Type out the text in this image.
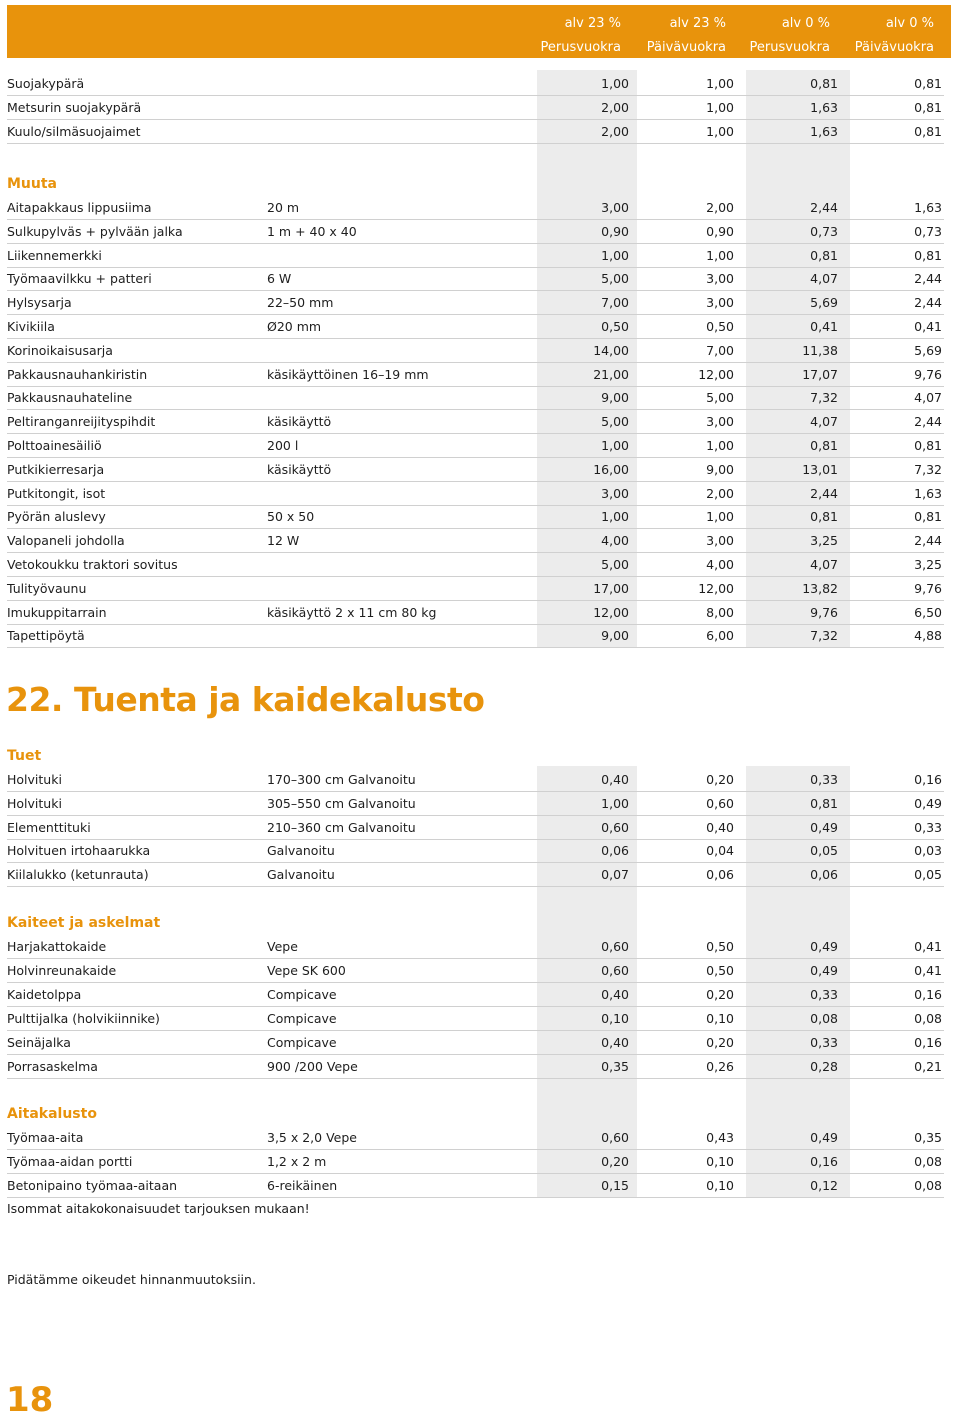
alv 23 %
Perusvuokra
alv 23 %
Päivävuokra
alv 0 %
Perusvuokra
alv 0 %
Päivävuokra
Muuta
22. Tuenta ja kaidekalusto
Tuet
Kaiteet ja askelmat
Aitakalusto
Suojakypärä	1,00	1,00	0,81	0,81
Metsurin suojakypärä	2,00	1,00	1,63	0,81
Kuulo/silmäsuojaimet	2,00	1,00	1,63	0,81
Aitapakkaus lippusiima	20 m	3,00	2,00	2,44	1,63
Sulkupylväs + pylvään jalka	1 m + 40 x 40	0,90	0,90	0,73	0,73
Liikennemerkki	1,00	1,00	0,81	0,81
Työmaavilkku + patteri	6 W	5,00	3,00	4,07	2,44
Hylsysarja	22–50 mm	7,00	3,00	5,69	2,44
Kivikiila	Ø20 mm	0,50	0,50	0,41	0,41
Korinoikaisusarja	14,00	7,00	11,38	5,69
Pakkausnauhankiristin	käsikäyttöinen 16–19 mm	21,00	12,00	17,07	9,76
Pakkausnauhateline	9,00	5,00	7,32	4,07
Peltiranganreijityspihdit	käsikäyttö	5,00	3,00	4,07	2,44
Polttoainesäiliö	200 l	1,00	1,00	0,81	0,81
Putkikierresarja	käsikäyttö	16,00	9,00	13,01	7,32
Putkitongit, isot	3,00	2,00	2,44	1,63
Pyörän aluslevy	50 x 50	1,00	1,00	0,81	0,81
Valopaneli johdolla	12 W	4,00	3,00	3,25	2,44
Vetokoukku traktori sovitus	5,00	4,00	4,07	3,25
Tulityövaunu	17,00	12,00	13,82	9,76
Imukuppitarrain	käsikäyttö 2 x 11 cm 80 kg	12,00	8,00	9,76	6,50
Tapettipöytä	9,00	6,00	7,32	4,88
Holvituki	170–300 cm Galvanoitu	0,40	0,20	0,33	0,16
Holvituki	305–550 cm Galvanoitu	1,00	0,60	0,81	0,49
Elementtituki	210–360 cm Galvanoitu	0,60	0,40	0,49	0,33
Holvituen irtohaarukka	Galvanoitu	0,06	0,04	0,05	0,03
Kiilalukko (ketunrauta)	Galvanoitu	0,07	0,06	0,06	0,05
Harjakattokaide	Vepe	0,60	0,50	0,49	0,41
Holvinreunakaide	Vepe SK 600	0,60	0,50	0,49	0,41
Kaidetolppa	Compicave	0,40	0,20	0,33	0,16
Pulttijalka (holvikiinnike)	Compicave	0,10	0,10	0,08	0,08
Seinäjalka	Compicave	0,40	0,20	0,33	0,16
Porrasaskelma	900 /200 Vepe	0,35	0,26	0,28	0,21
Työmaa-aita	3,5 x 2,0 Vepe	0,60	0,43	0,49	0,35
Työmaa-aidan portti	1,2 x 2 m	0,20	0,10	0,16	0,08
Betonipaino työmaa-aitaan	6-reikäinen	0,15	0,10	0,12	0,08
Isommat aitakokonaisuudet tarjouksen mukaan!
Pidätämme oikeudet hinnanmuutoksiin.
18
